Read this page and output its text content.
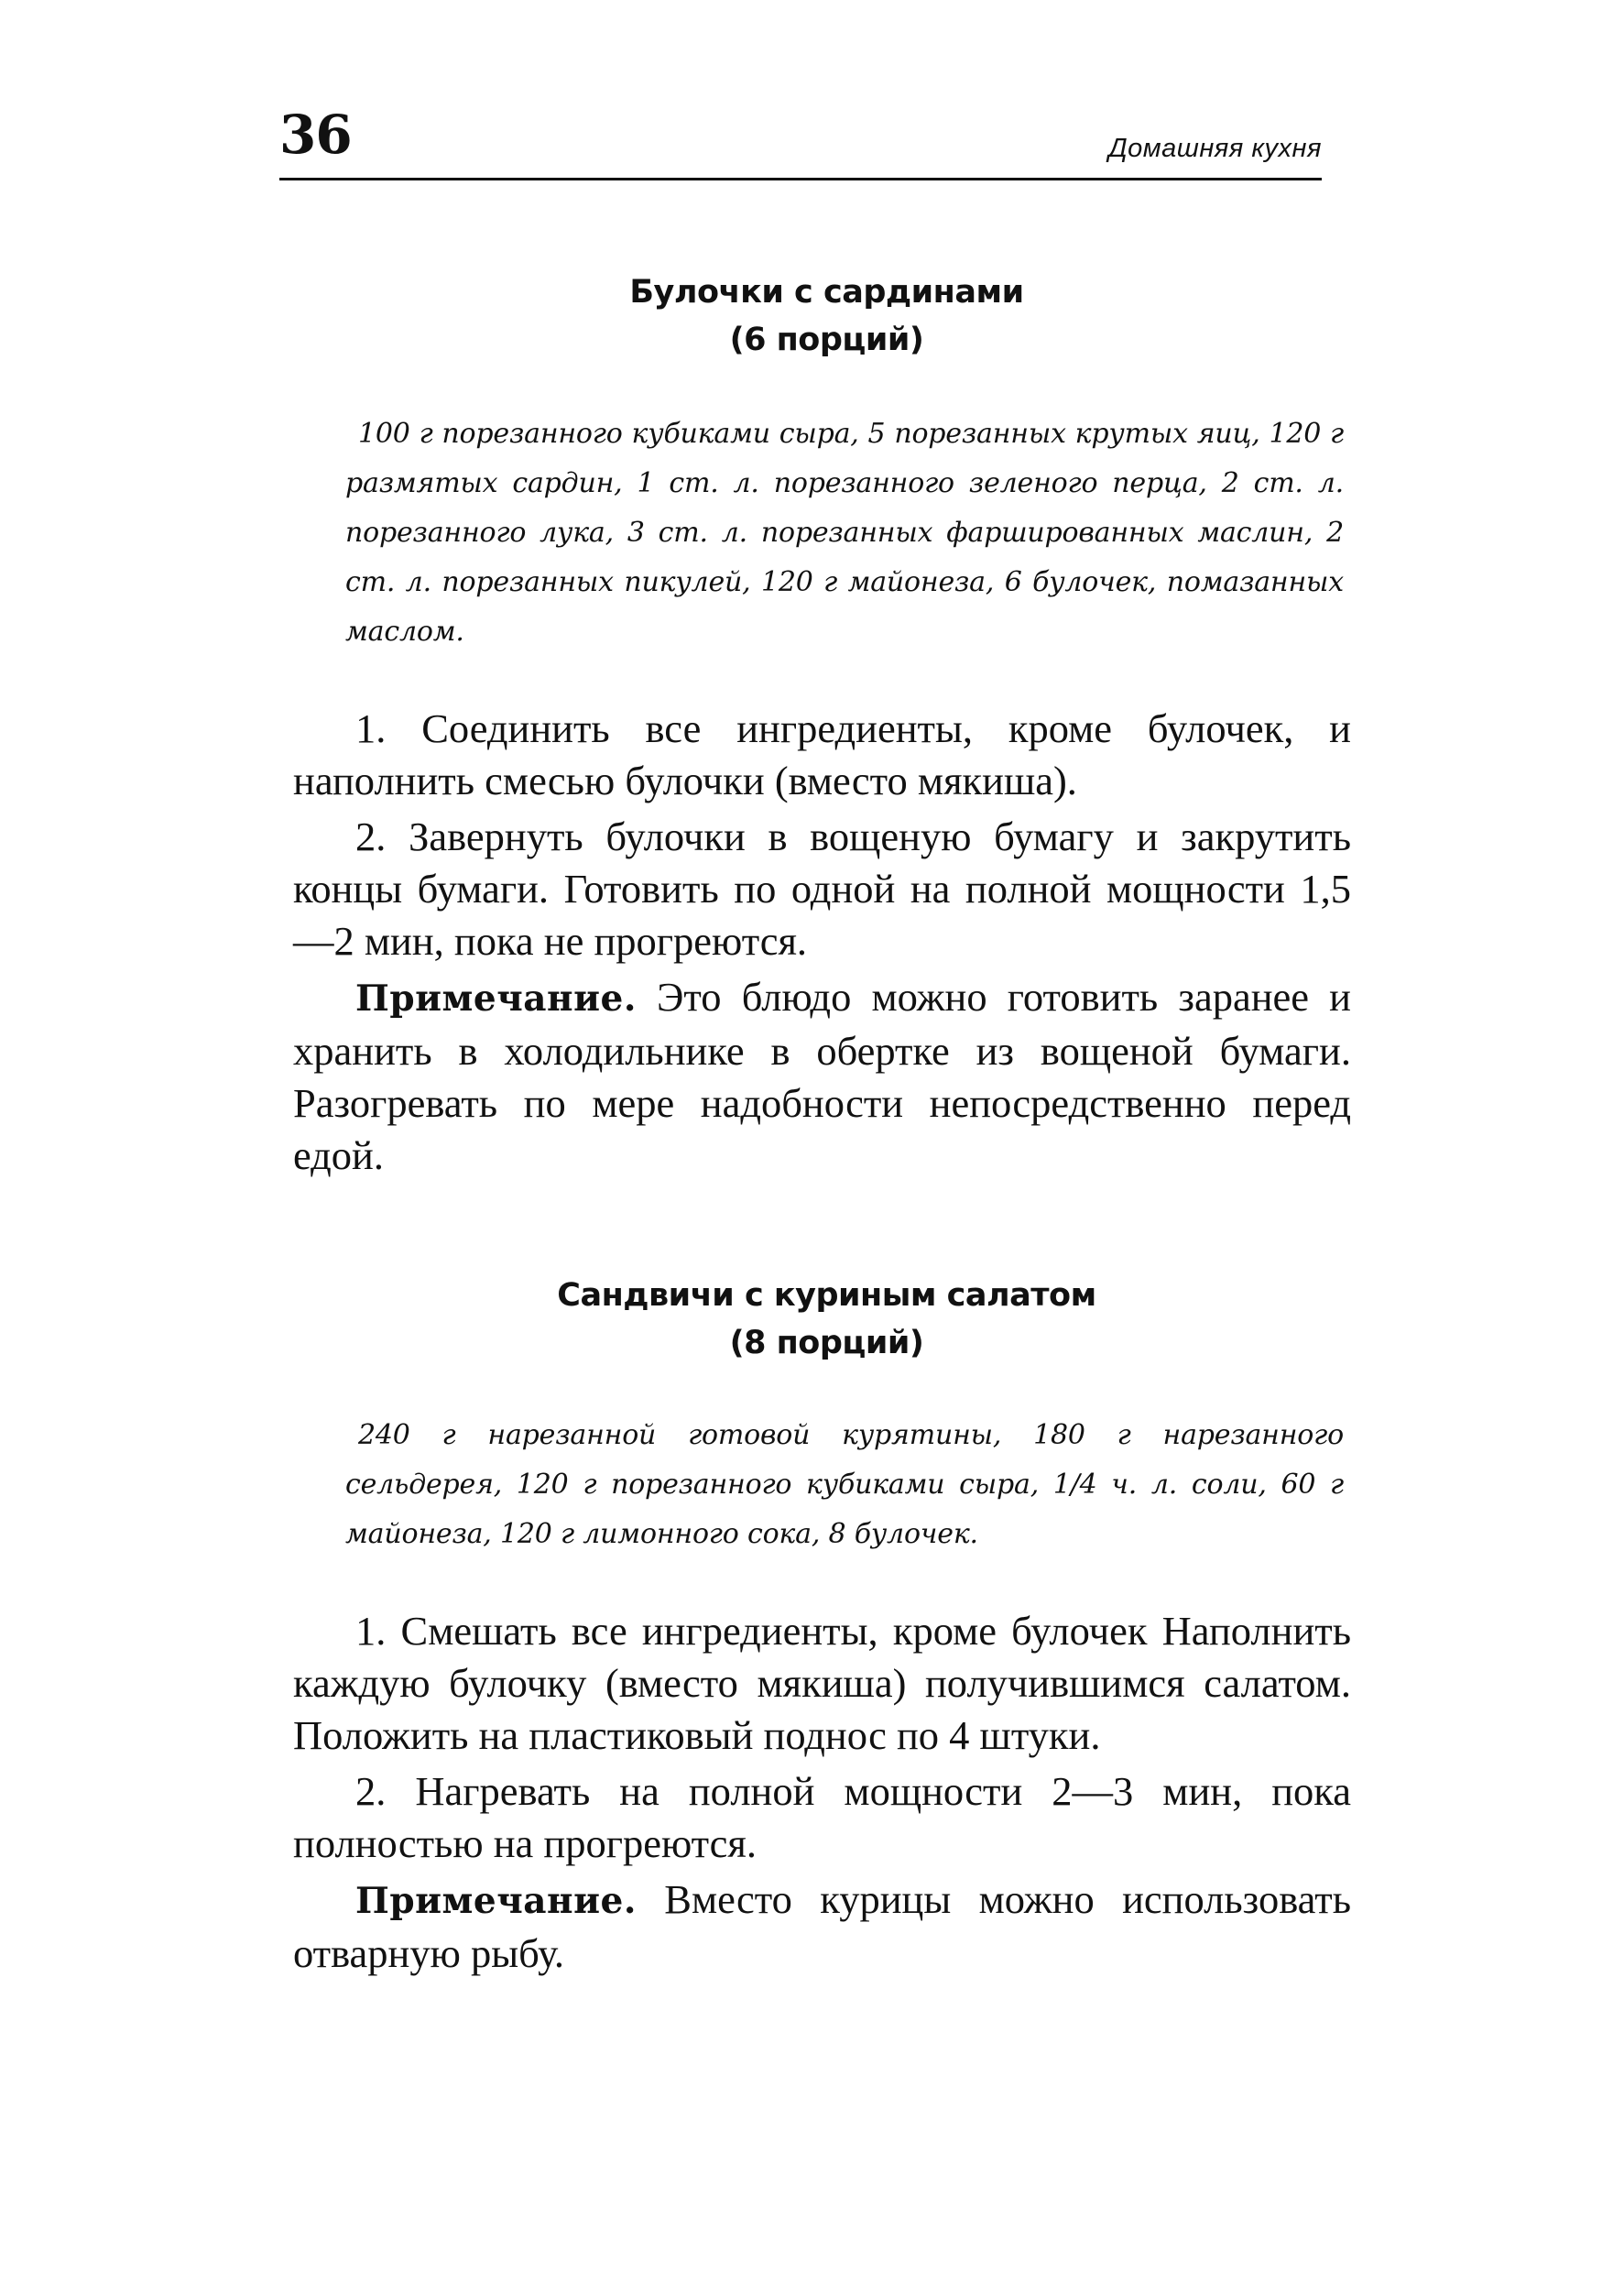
36	Домашняя кухня
Булочки с сардинами
(6 порций)

100 г порезанного кубиками сыра, 5 порезанных крутых яиц, 120 г размятых сардин, 1 ст. л. порезанного зеленого перца, 2 ст. л. порезанного лука, 3 ст. л. порезанных фаршированных маслин, 2 ст. л. порезанных пикулей, 120 г майонеза, 6 булочек, помазанных маслом.

1. Соединить все ингредиенты, кроме булочек, и наполнить смесью булочки (вместо мякиша).

2. Завернуть булочки в вощеную бумагу и закрутить концы бумаги. Готовить по одной на полной мощности 1,5—2 мин, пока не прогреются.

Примечание. Это блюдо можно готовить заранее и хранить в холодильнике в обертке из вощеной бумаги. Разогревать по мере надобности непосредственно перед едой.

Сандвичи с куриным салатом
(8 порций)

240 г нарезанной готовой курятины, 180 г нарезанного сельдерея, 120 г порезанного кубиками сыра, 1/4 ч. л. соли, 60 г майонеза, 120 г лимонного сока, 8 булочек.

1. Смешать все ингредиенты, кроме булочек Наполнить каждую булочку (вместо мякиша) получившимся салатом. Положить на пластиковый поднос по 4 штуки.

2. Нагревать на полной мощности 2—3 мин, пока полностью на прогреются.

Примечание. Вместо курицы можно использовать отварную рыбу.
